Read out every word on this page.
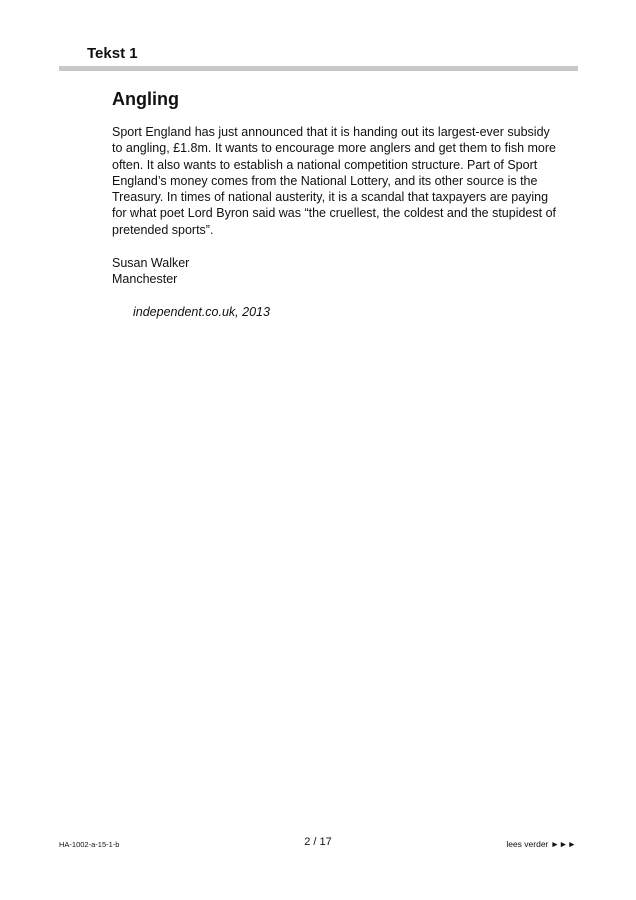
Tekst 1
Angling

Sport England has just announced that it is handing out its largest-ever subsidy to angling, £1.8m. It wants to encourage more anglers and get them to fish more often. It also wants to establish a national competition structure. Part of Sport England’s money comes from the National Lottery, and its other source is the Treasury. In times of national austerity, it is a scandal that taxpayers are paying for what poet Lord Byron said was “the cruellest, the coldest and the stupidest of pretended sports”.

Susan Walker
Manchester
independent.co.uk, 2013
HA-1002-a-15-1-b	2 / 17	lees verder ►►►
